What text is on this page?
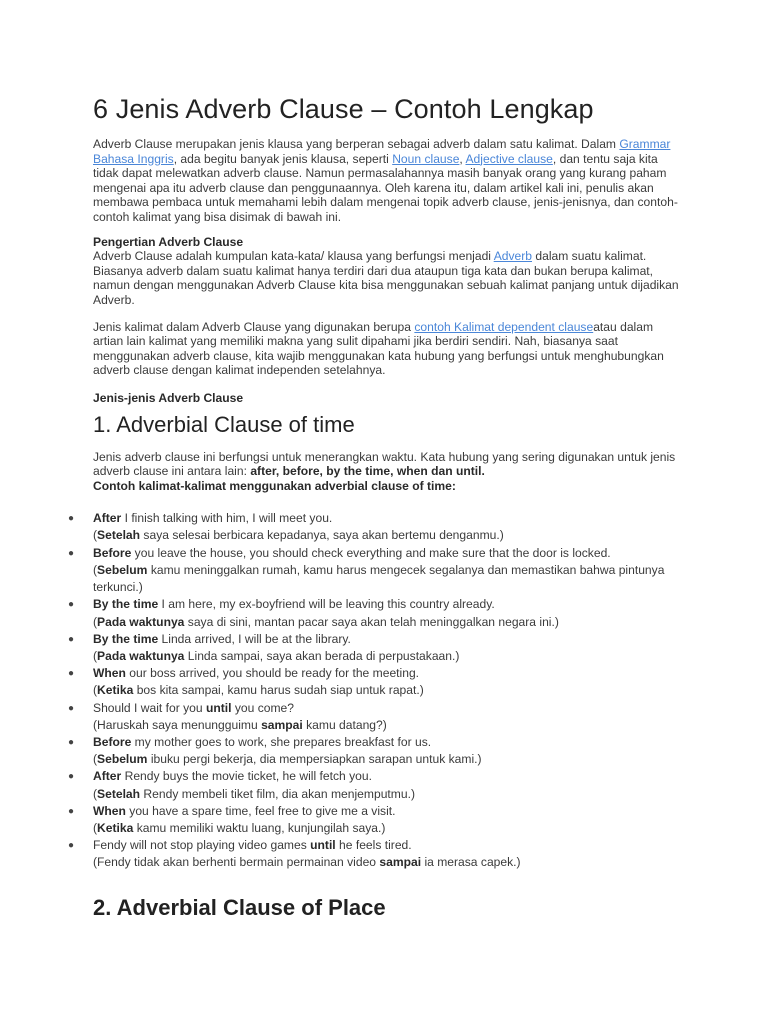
6 Jenis Adverb Clause – Contoh Lengkap

Adverb Clause merupakan jenis klausa yang berperan sebagai adverb dalam satu kalimat. Dalam Grammar Bahasa Inggris, ada begitu banyak jenis klausa, seperti Noun clause, Adjective clause, dan tentu saja kita tidak dapat melewatkan adverb clause. Namun permasalahannya masih banyak orang yang kurang paham mengenai apa itu adverb clause dan penggunaannya. Oleh karena itu, dalam artikel kali ini, penulis akan membawa pembaca untuk memahami lebih dalam mengenai topik adverb clause, jenis-jenisnya, dan contoh-contoh kalimat yang bisa disimak di bawah ini.

Pengertian Adverb Clause

Adverb Clause adalah kumpulan kata-kata/ klausa yang berfungsi menjadi Adverb dalam suatu kalimat. Biasanya adverb dalam suatu kalimat hanya terdiri dari dua ataupun tiga kata dan bukan berupa kalimat, namun dengan menggunakan Adverb Clause kita bisa menggunakan sebuah kalimat panjang untuk dijadikan Adverb.

Jenis kalimat dalam Adverb Clause yang digunakan berupa contoh Kalimat dependent clauseatau dalam artian lain kalimat yang memiliki makna yang sulit dipahami jika berdiri sendiri. Nah, biasanya saat menggunakan adverb clause, kita wajib menggunakan kata hubung yang berfungsi untuk menghubungkan adverb clause dengan kalimat independen setelahnya.

Jenis-jenis Adverb Clause
1. Adverbial Clause of time

Jenis adverb clause ini berfungsi untuk menerangkan waktu. Kata hubung yang sering digunakan untuk jenis adverb clause ini antara lain: after, before, by the time, when dan until.
Contoh kalimat-kalimat menggunakan adverbial clause of time:

● After I finish talking with him, I will meet you.
(Setelah saya selesai berbicara kepadanya, saya akan bertemu denganmu.)
● Before you leave the house, you should check everything and make sure that the door is locked.
(Sebelum kamu meninggalkan rumah, kamu harus mengecek segalanya dan memastikan bahwa pintunya terkunci.)
● By the time I am here, my ex-boyfriend will be leaving this country already.
(Pada waktunya saya di sini, mantan pacar saya akan telah meninggalkan negara ini.)
● By the time Linda arrived, I will be at the library.
(Pada waktunya Linda sampai, saya akan berada di perpustakaan.)
● When our boss arrived, you should be ready for the meeting.
(Ketika bos kita sampai, kamu harus sudah siap untuk rapat.)
● Should I wait for you until you come?
(Haruskah saya menungguimu sampai kamu datang?)
● Before my mother goes to work, she prepares breakfast for us.
(Sebelum ibuku pergi bekerja, dia mempersiapkan sarapan untuk kami.)
● After Rendy buys the movie ticket, he will fetch you.
(Setelah Rendy membeli tiket film, dia akan menjemputmu.)
● When you have a spare time, feel free to give me a visit.
(Ketika kamu memiliki waktu luang, kunjungilah saya.)
● Fendy will not stop playing video games until he feels tired.
(Fendy tidak akan berhenti bermain permainan video sampai ia merasa capek.)
2. Adverbial Clause of Place
